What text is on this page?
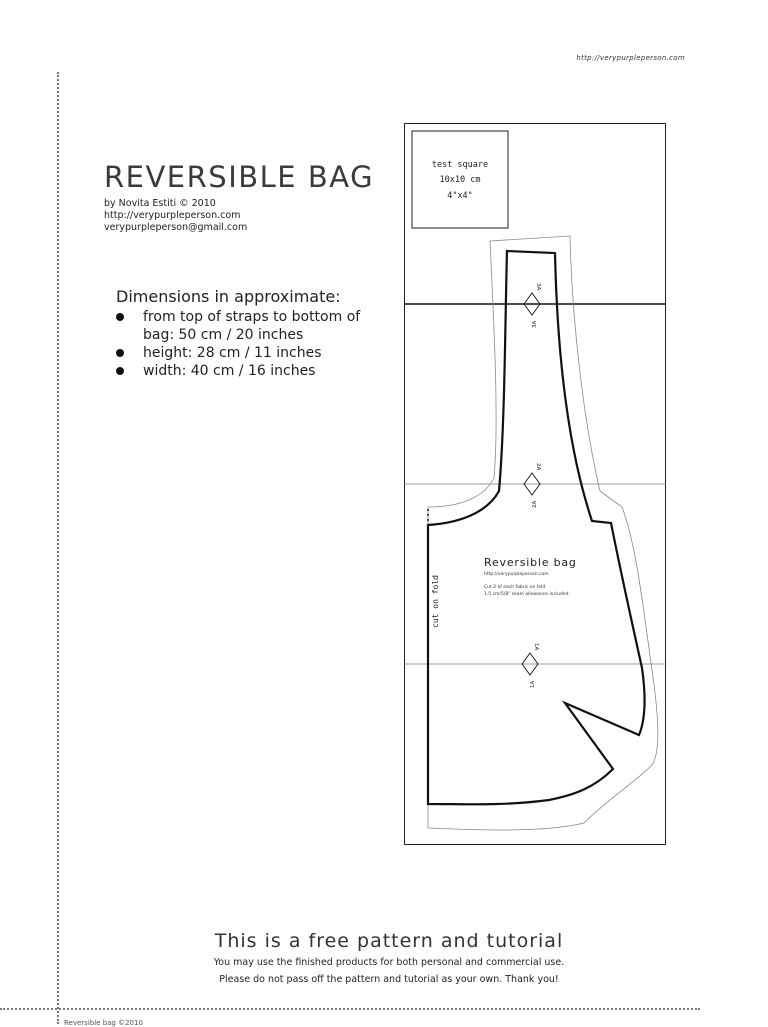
http://verypurpleperson.com
REVERSIBLE BAG
by Novita Estiti © 2010
http://verypurpleperson.com
verypurpleperson@gmail.com
Dimensions in approximate:
from top of straps to bottom of bag: 50 cm / 20 inches
height: 28 cm / 11 inches
width: 40 cm / 16 inches
test square
10x10 cm
4"x4"
cut on fold
3A
3A
2A
2A
1A
1A
Reversible bag
http://verypurpleperson.com
Cut 2 of each fabric on fold
1.5 cm/5/8" seam allowance included
This is a free pattern and tutorial
You may use the finished products for both personal and commercial use.
Please do not pass off the pattern and tutorial as your own. Thank you!
Reversible bag ©2010
